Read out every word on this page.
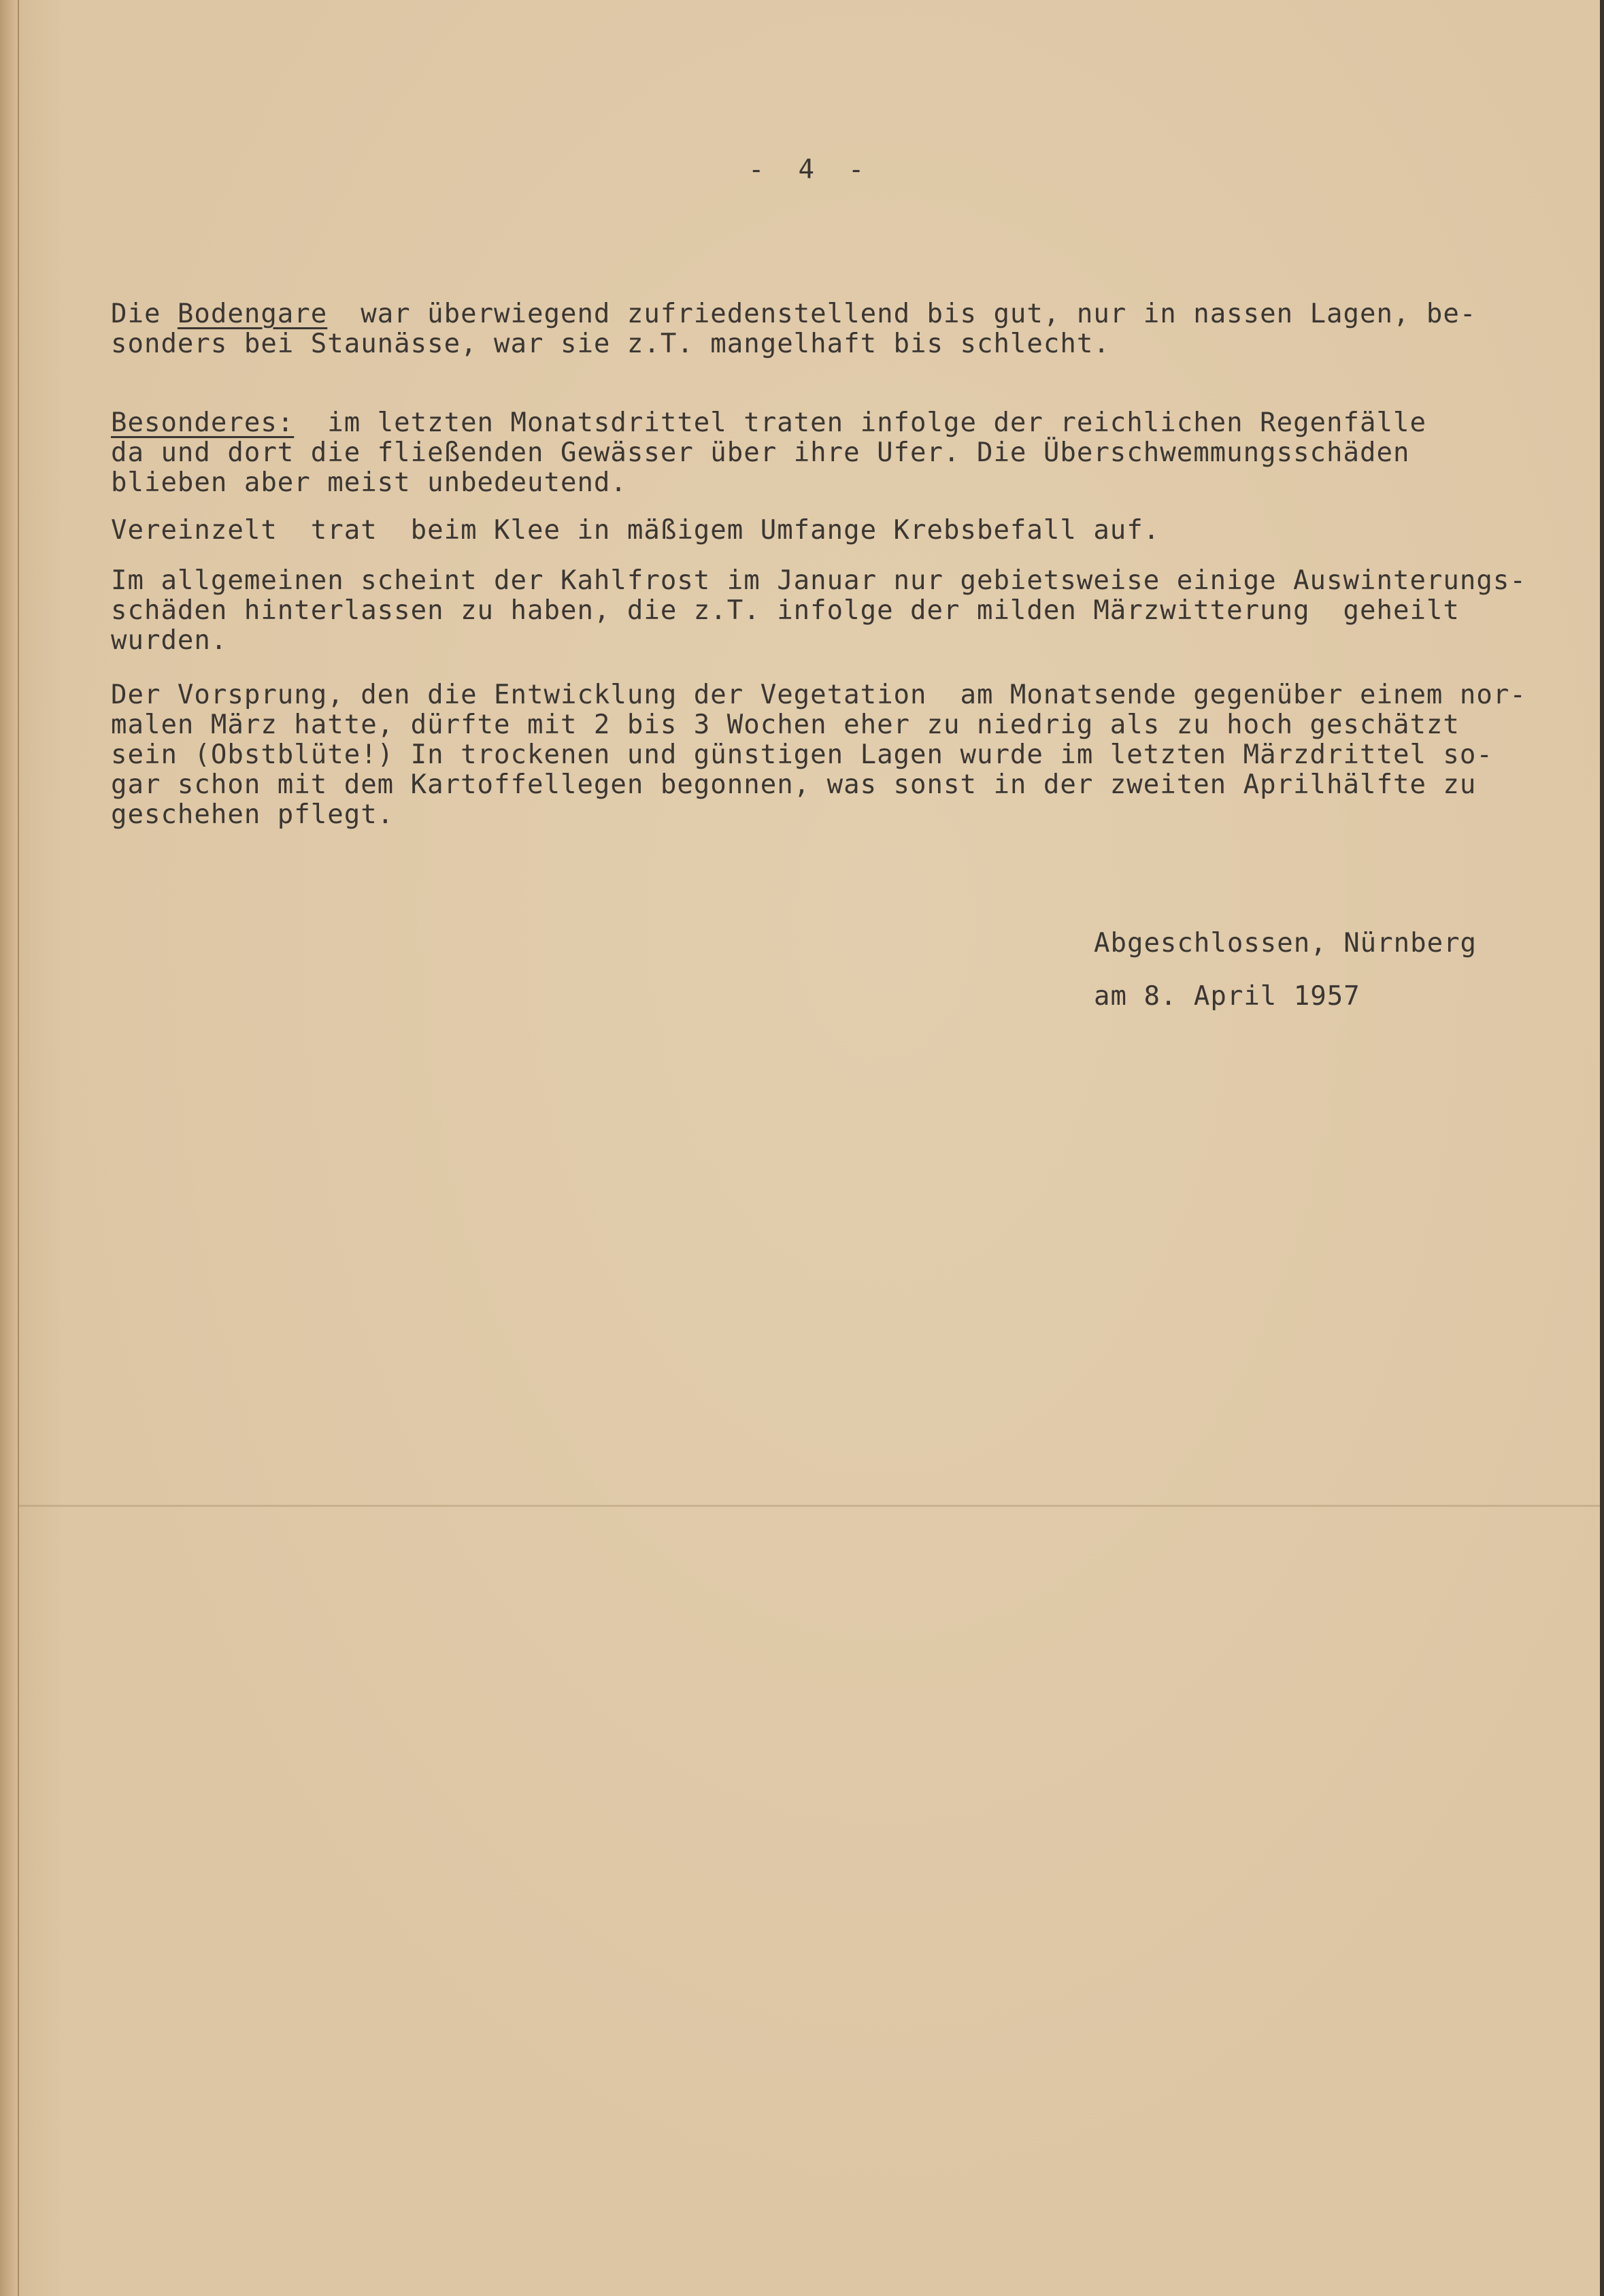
-  4  -
Die Bodengare  war überwiegend zufriedenstellend bis gut, nur in nassen Lagen, be-
sonders bei Staunässe, war sie z.T. mangelhaft bis schlecht.
Besonderes:  im letzten Monatsdrittel traten infolge der reichlichen Regenfälle
da und dort die fließenden Gewässer über ihre Ufer. Die Überschwemmungsschäden
blieben aber meist unbedeutend.
Vereinzelt  trat  beim Klee in mäßigem Umfange Krebsbefall auf.
Im allgemeinen scheint der Kahlfrost im Januar nur gebietsweise einige Auswinterungs-
schäden hinterlassen zu haben, die z.T. infolge der milden Märzwitterung  geheilt
wurden.
Der Vorsprung, den die Entwicklung der Vegetation  am Monatsende gegenüber einem nor-
malen März hatte, dürfte mit 2 bis 3 Wochen eher zu niedrig als zu hoch geschätzt
sein (Obstblüte!) In trockenen und günstigen Lagen wurde im letzten Märzdrittel so-
gar schon mit dem Kartoffellegen begonnen, was sonst in der zweiten Aprilhälfte zu
geschehen pflegt.
Abgeschlossen, Nürnberg
am 8. April 1957
